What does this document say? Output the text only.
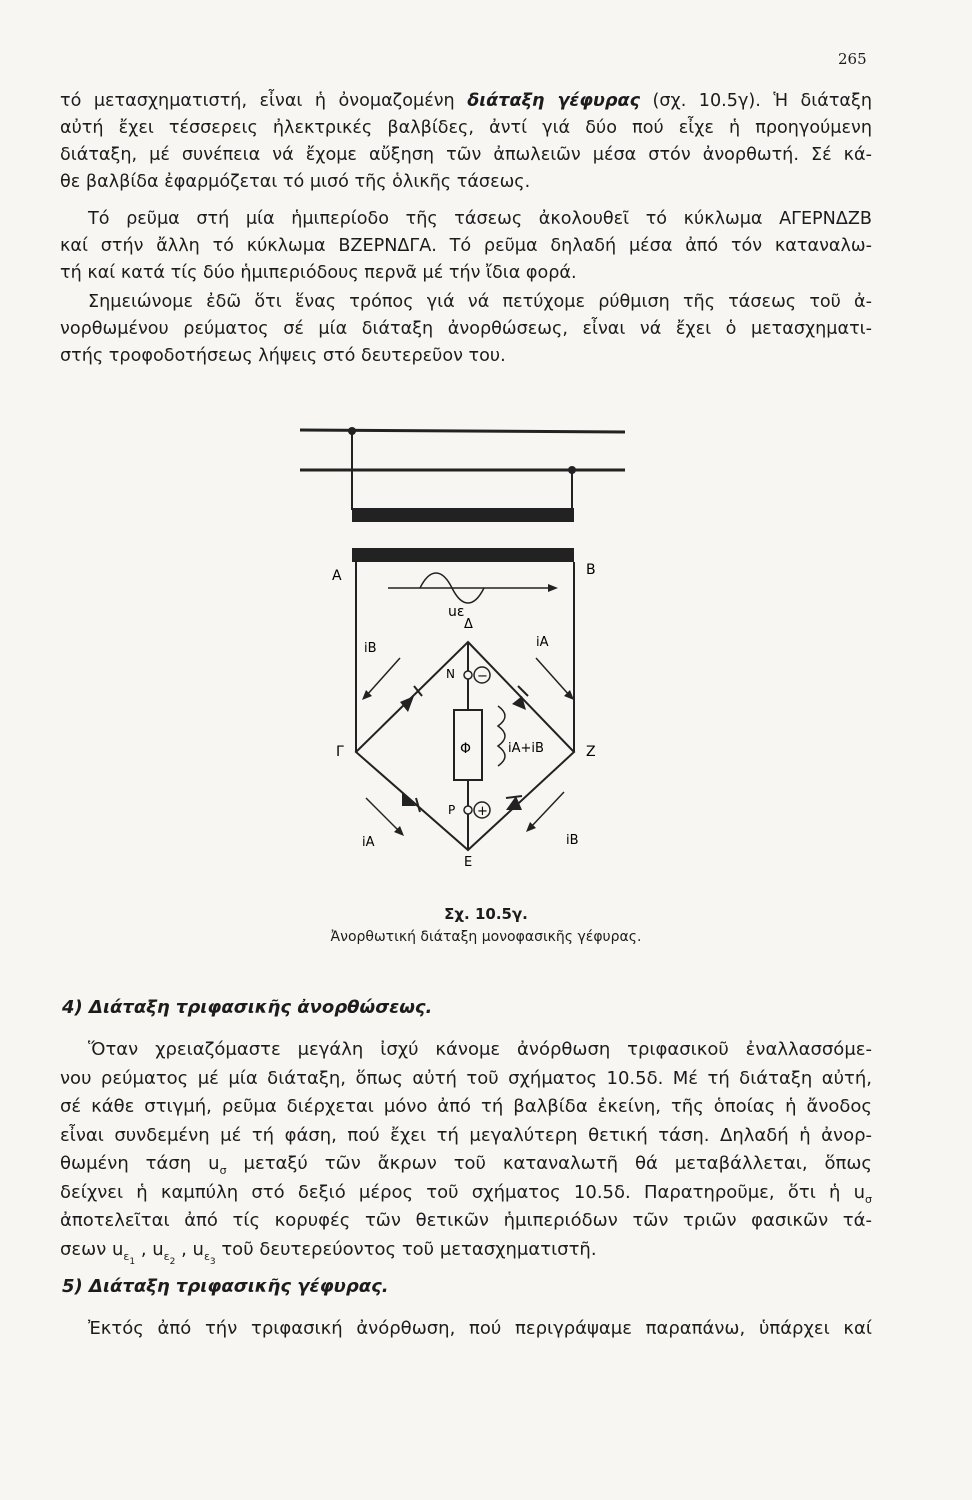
265
τό μετασχηματιστή, εἶναι ἡ ὀνομαζομένη διάταξη γέφυρας (σχ. 10.5γ). Ἡ διάταξη
αὐτή ἔχει τέσσερεις ἠλεκτρικές βαλβίδες, ἀντί γιά δύο πού εἶχε ἡ προηγούμενη
διάταξη, μέ συνέπεια νά ἔχομε αὔξηση τῶν ἀπωλειῶν μέσα στόν ἀνορθωτή. Σέ κά-
θε βαλβίδα ἐφαρμόζεται τό μισό τῆς ὁλικῆς τάσεως.
Τό ρεῦμα στή μία ἡμιπερίοδο τῆς τάσεως ἀκολουθεῖ τό κύκλωμα ΑΓΕΡΝΔΖΒ
καί στήν ἄλλη τό κύκλωμα ΒΖΕΡΝΔΓΑ. Τό ρεῦμα δηλαδή μέσα ἀπό τόν καταναλω-
τή καί κατά τίς δύο ἡμιπεριόδους περνᾶ μέ τήν ἴδια φορά.
Σημειώνομε ἐδῶ ὅτι ἕνας τρόπος γιά νά πετύχομε ρύθμιση τῆς τάσεως τοῦ ἀ-
νορθωμένου ρεύματος σέ μία διάταξη ἀνορθώσεως, εἶναι νά ἔχει ὁ μετασχηματι-
στής τροφοδοτήσεως λήψεις στό δευτερεῦον του.
Α	Β
uε
Δ
Γ	Ζ
Ε
Φ
−
Ν
+
Ρ
iB	iA
iA	iB
iA+iB
Σχ. 10.5γ.
Ἀνορθωτική διάταξη μονοφασικῆς γέφυρας.
4) Διάταξη τριφασικῆς ἀνορθώσεως.
Ὅταν χρειαζόμαστε μεγάλη ἰσχύ κάνομε ἀνόρθωση τριφασικοῦ ἐναλλασσόμε-
νου ρεύματος μέ μία διάταξη, ὅπως αὐτή τοῦ σχήματος 10.5δ. Μέ τή διάταξη αὐτή,
σέ κάθε στιγμή, ρεῦμα διέρχεται μόνο ἀπό τή βαλβίδα ἐκείνη, τῆς ὁποίας ἡ ἄνοδος
εἶναι συνδεμένη μέ τή φάση, πού ἔχει τή μεγαλύτερη θετική τάση. Δηλαδή ἡ ἀνορ-
θωμένη τάση $u_\sigma$ μεταξύ τῶν ἄκρων τοῦ καταναλωτῆ θά μεταβάλλεται, ὅπως
δείχνει ἡ καμπύλη στό δεξιό μέρος τοῦ σχήματος 10.5δ. Παρατηροῦμε, ὅτι ἡ $u_\sigma$
ἀποτελεῖται ἀπό τίς κορυφές τῶν θετικῶν ἡμιπεριόδων τῶν τριῶν φασικῶν τά-
σεων $u_{\varepsilon 1}$ , $u_{\varepsilon 2}$ , $u_{\varepsilon 3}$ τοῦ δευτερεύοντος τοῦ μετασχηματιστῆ.
5) Διάταξη τριφασικῆς γέφυρας.
Ἐκτός ἀπό τήν τριφασική ἀνόρθωση, πού περιγράψαμε παραπάνω, ὑπάρχει καί
